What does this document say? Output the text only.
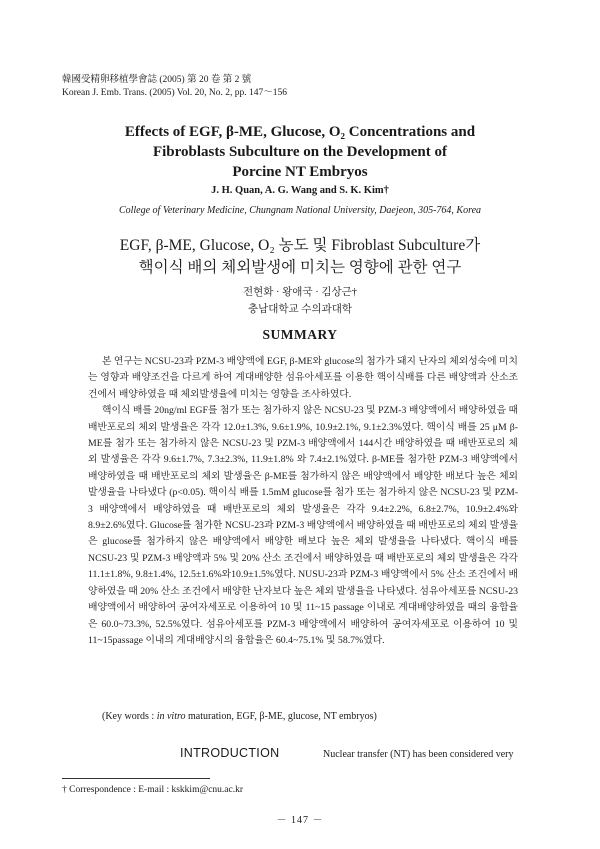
韓國受精卵移植學會誌 (2005) 第 20 卷 第 2 號
Korean J. Emb. Trans. (2005) Vol. 20, No. 2, pp. 147～156
Effects of EGF, β-ME, Glucose, O₂ Concentrations and
Fibroblasts Subculture on the Development of
Porcine NT Embryos
J. H. Quan, A. G. Wang and S. K. Kim†
College of Veterinary Medicine, Chungnam National University, Daejeon, 305-764, Korea
EGF, β-ME, Glucose, O₂ 농도 및 Fibroblast Subculture가
핵이식 배의 체외발생에 미치는 영향에 관한 연구
전현화 · 왕애국 · 김상근†
충남대학교 수의과대학
SUMMARY

본 연구는 NCSU-23과 PZM-3 배양액에 EGF, β-ME와 glucose의 첨가가 돼지 난자의 체외성숙에 미치는 영향과 배양조건을 다르게 하여 계대배양한 섬유아세포를 이용한 핵이식배를 다른 배양액과 산소조건에서 배양하였을 때 체외발생율에 미치는 영향을 조사하였다.

핵이식 배를 20ng/ml EGF를 첨가 또는 첨가하지 않은 NCSU-23 및 PZM-3 배양액에서 배양하였을 때 배반포로의 체외 발생율은 각각 12.0±1.3%, 9.6±1.9%, 10.9±2.1%, 9.1±2.3%였다. 핵이식 배를 25 μM β-ME를 첨가 또는 첨가하지 않은 NCSU-23 및 PZM-3 배양액에서 144시간 배양하였을 때 배반포로의 체외 발생율은 각각 9.6±1.7%, 7.3±2.3%, 11.9±1.8% 와 7.4±2.1%였다. β-ME를 첨가한 PZM-3 배양액에서 배양하였을 때 배반포로의 체외 발생율은 β-ME를 첨가하지 않은 배양액에서 배양한 배보다 높은 체외발생율을 나타냈다 (p<0.05). 핵이식 배를 1.5mM glucose를 첨가 또는 첨가하지 않은 NCSU-23 및 PZM-3 배양액에서 배양하였을 때 배반포로의 체외 발생율은 각각 9.4±2.2%, 6.8±2.7%, 10.9±2.4%와 8.9±2.6%였다. Glucose를 첨가한 NCSU-23과 PZM-3 배양액에서 배양하였을 때 배반포로의 체외 발생율은 glucose를 첨가하지 않은 배양액에서 배양한 배보다 높은 체외 발생율을 나타냈다. 핵이식 배를 NCSU-23 및 PZM-3 배양액과 5% 및 20% 산소 조건에서 배양하였을 때 배반포로의 체외 발생율은 각각 11.1±1.8%, 9.8±1.4%, 12.5±1.6%와10.9±1.5%였다. NUSU-23과 PZM-3 배양액에서 5% 산소 조건에서 배양하였을 때 20% 산소 조건에서 배양한 난자보다 높은 체외 발생율을 나타냈다. 섬유아세포를 NCSU-23 배양액에서 배양하여 공여자세포로 이용하여 10 및 11~15 passage 이내로 계대배양하였을 때의 융합율은 60.0~73.3%, 52.5%였다. 섬유아세포를 PZM-3 배양액에서 배양하여 공여자세포로 이용하여 10 및 11~15passage 이내의 계대배양시의 융합율은 60.4~75.1% 및 58.7%였다.

(Key words : in vitro maturation, EGF, β-ME, glucose, NT embryos)
INTRODUCTION	Nuclear transfer (NT) has been considered very
† Correspondence : E-mail : kskkim@cnu.ac.kr
－ 147 －
